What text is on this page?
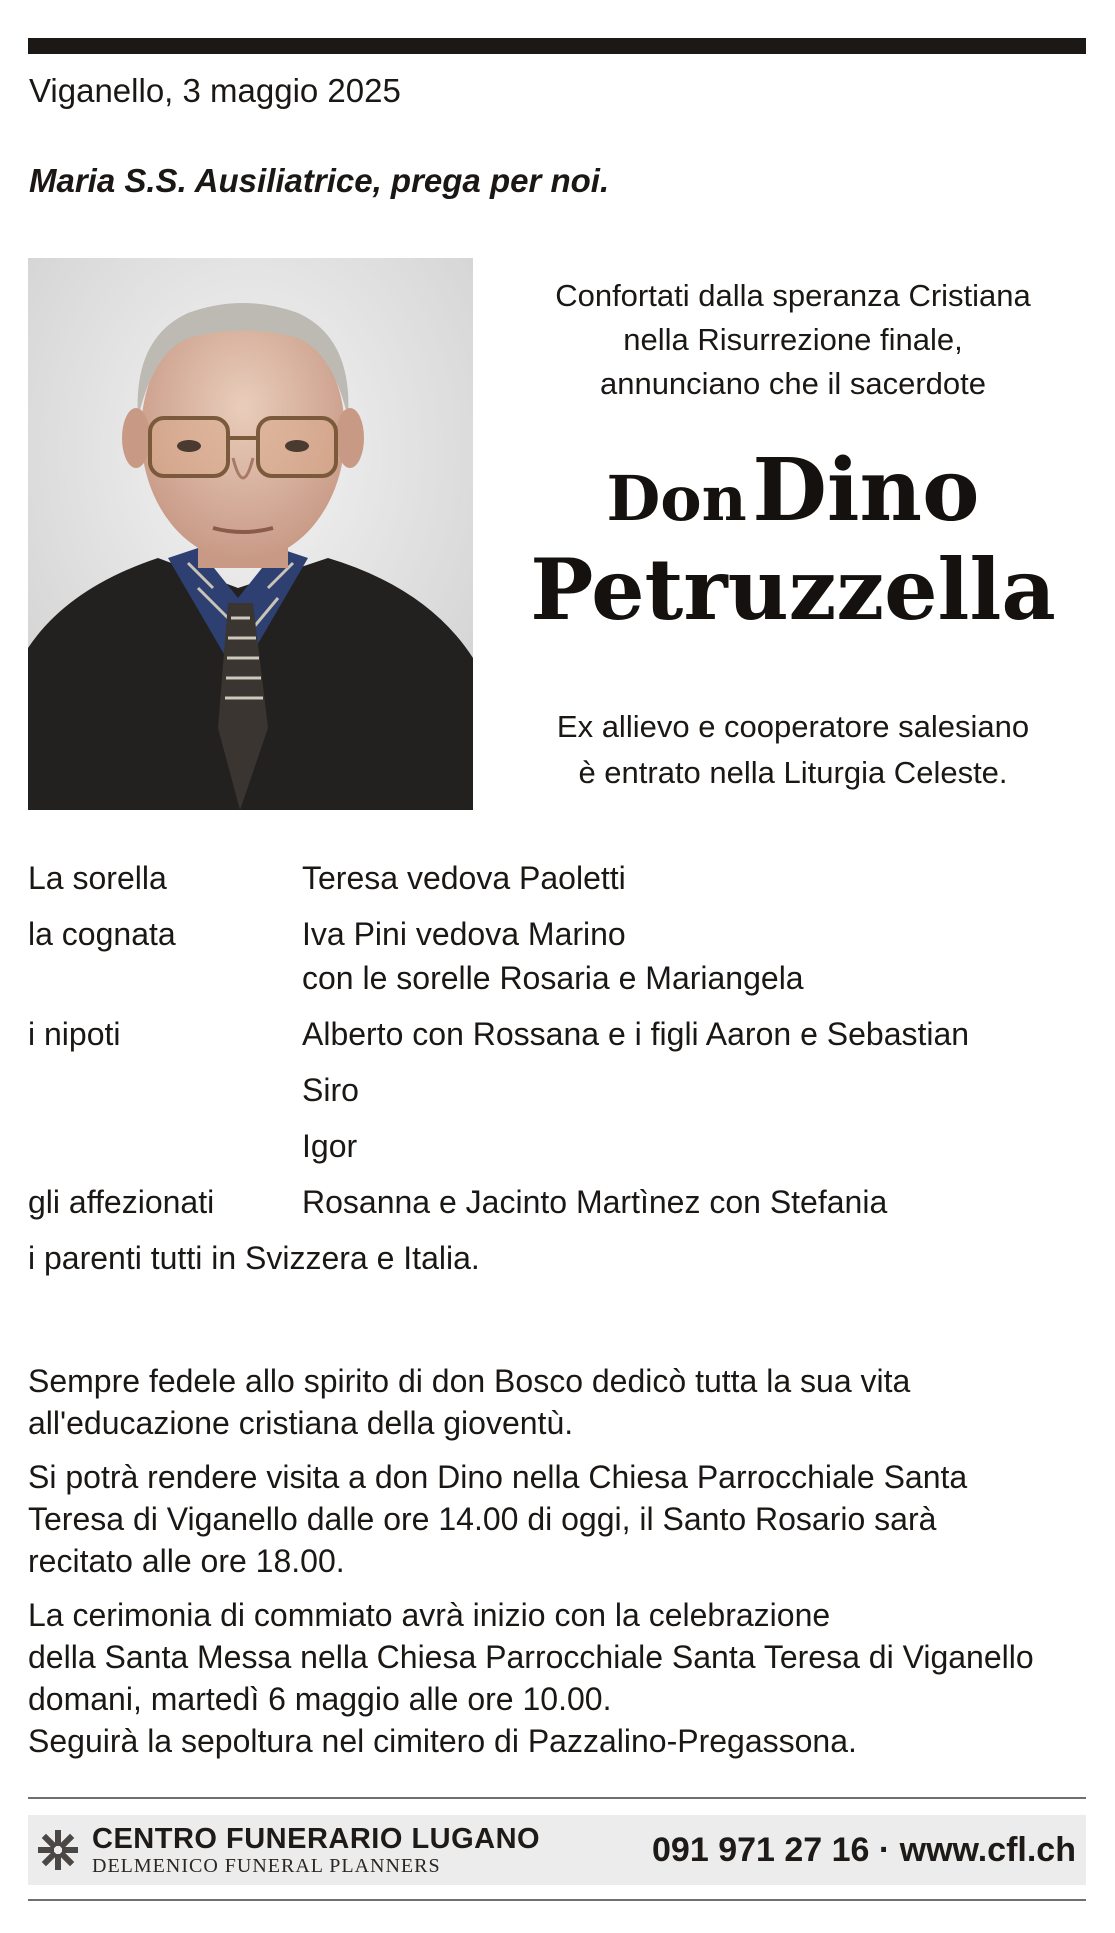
Viganello, 3 maggio 2025
Maria S.S. Ausiliatrice, prega per noi.
Confortati dalla speranza Cristiana
nella Risurrezione finale,
annunciano che il sacerdote
Don Dino
Petruzzella
Ex allievo e cooperatore salesiano
è entrato nella Liturgia Celeste.
La sorella	Teresa vedova Paoletti
la cognata	Iva Pini vedova Marino
con le sorelle Rosaria e Mariangela
i nipoti	Alberto con Rossana e i figli Aaron e Sebastian
Siro
Igor
gli affezionati	Rosanna e Jacinto Martìnez con Stefania
i parenti tutti in Svizzera e Italia.

Sempre fedele allo spirito di don Bosco dedicò tutta la sua vita
all'educazione cristiana della gioventù.

Si potrà rendere visita a don Dino nella Chiesa Parrocchiale Santa
Teresa di Viganello dalle ore 14.00 di oggi, il Santo Rosario sarà
recitato alle ore 18.00.

La cerimonia di commiato avrà inizio con la celebrazione
della Santa Messa nella Chiesa Parrocchiale Santa Teresa di Viganello
domani, martedì 6 maggio alle ore 10.00.
Seguirà la sepoltura nel cimitero di Pazzalino-Pregassona.

CENTRO FUNERARIO LUGANO
DELMENICO FUNERAL PLANNERS	091 971 27 16 · www.cfl.ch
